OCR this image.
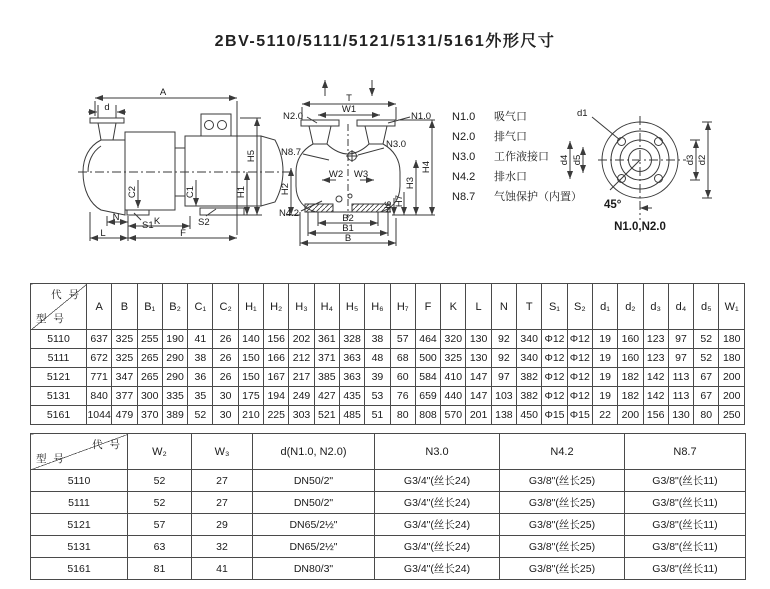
2BV-5110/5111/5121/5131/5161外形尺寸
A
d
H1
H5
C2	C1
S1	S2
N	K
L	F
T
W1
N2.0	N1.0
N8.7
N3.0
H2
W2 W3
H4
H3
H6 H7
N4.2	B2
B1
B
N1.0 吸气口
N2.0 排气口
N3.0 工作液接口
N4.2 排水口
N8.7 气蚀保护（内置）
d1
d4 d5	d3 d2
45°
N1.0,N2.0
代 号
型 号	A	B	B₁	B₂	C₁	C₂	H₁	H₂	H₃	H₄	H₅	H₆	H₇	F	K	L	N	T	S₁	S₂	d₁	d₂	d₃	d₄	d₅	W₁
5110	637	325	255	190	41	26	140	156	202	361	328	38	57	464	320	130	92	340	Φ12	Φ12	19	160	123	97	52	180
5111	672	325	265	290	38	26	150	166	212	371	363	48	68	500	325	130	92	340	Φ12	Φ12	19	160	123	97	52	180
5121	771	347	265	290	36	26	150	167	217	385	363	39	60	584	410	147	97	382	Φ12	Φ12	19	182	142	113	67	200
5131	840	377	300	335	35	30	175	194	249	427	435	53	76	659	440	147	103	382	Φ12	Φ12	19	182	142	113	67	200
5161	1044	479	370	389	52	30	210	225	303	521	485	51	80	808	570	201	138	450	Φ15	Φ15	22	200	156	130	80	250
代 号
型 号	W₂	W₃	d(N1.0, N2.0)	N3.0	N4.2	N8.7
5110	52	27	DN50/2"	G3/4"(丝长24)	G3/8"(丝长25)	G3/8"(丝长11)
5111	52	27	DN50/2"	G3/4"(丝长24)	G3/8"(丝长25)	G3/8"(丝长11)
5121	57	29	DN65/2½"	G3/4"(丝长24)	G3/8"(丝长25)	G3/8"(丝长11)
5131	63	32	DN65/2½"	G3/4"(丝长24)	G3/8"(丝长25)	G3/8"(丝长11)
5161	81	41	DN80/3"	G3/4"(丝长24)	G3/8"(丝长25)	G3/8"(丝长11)
